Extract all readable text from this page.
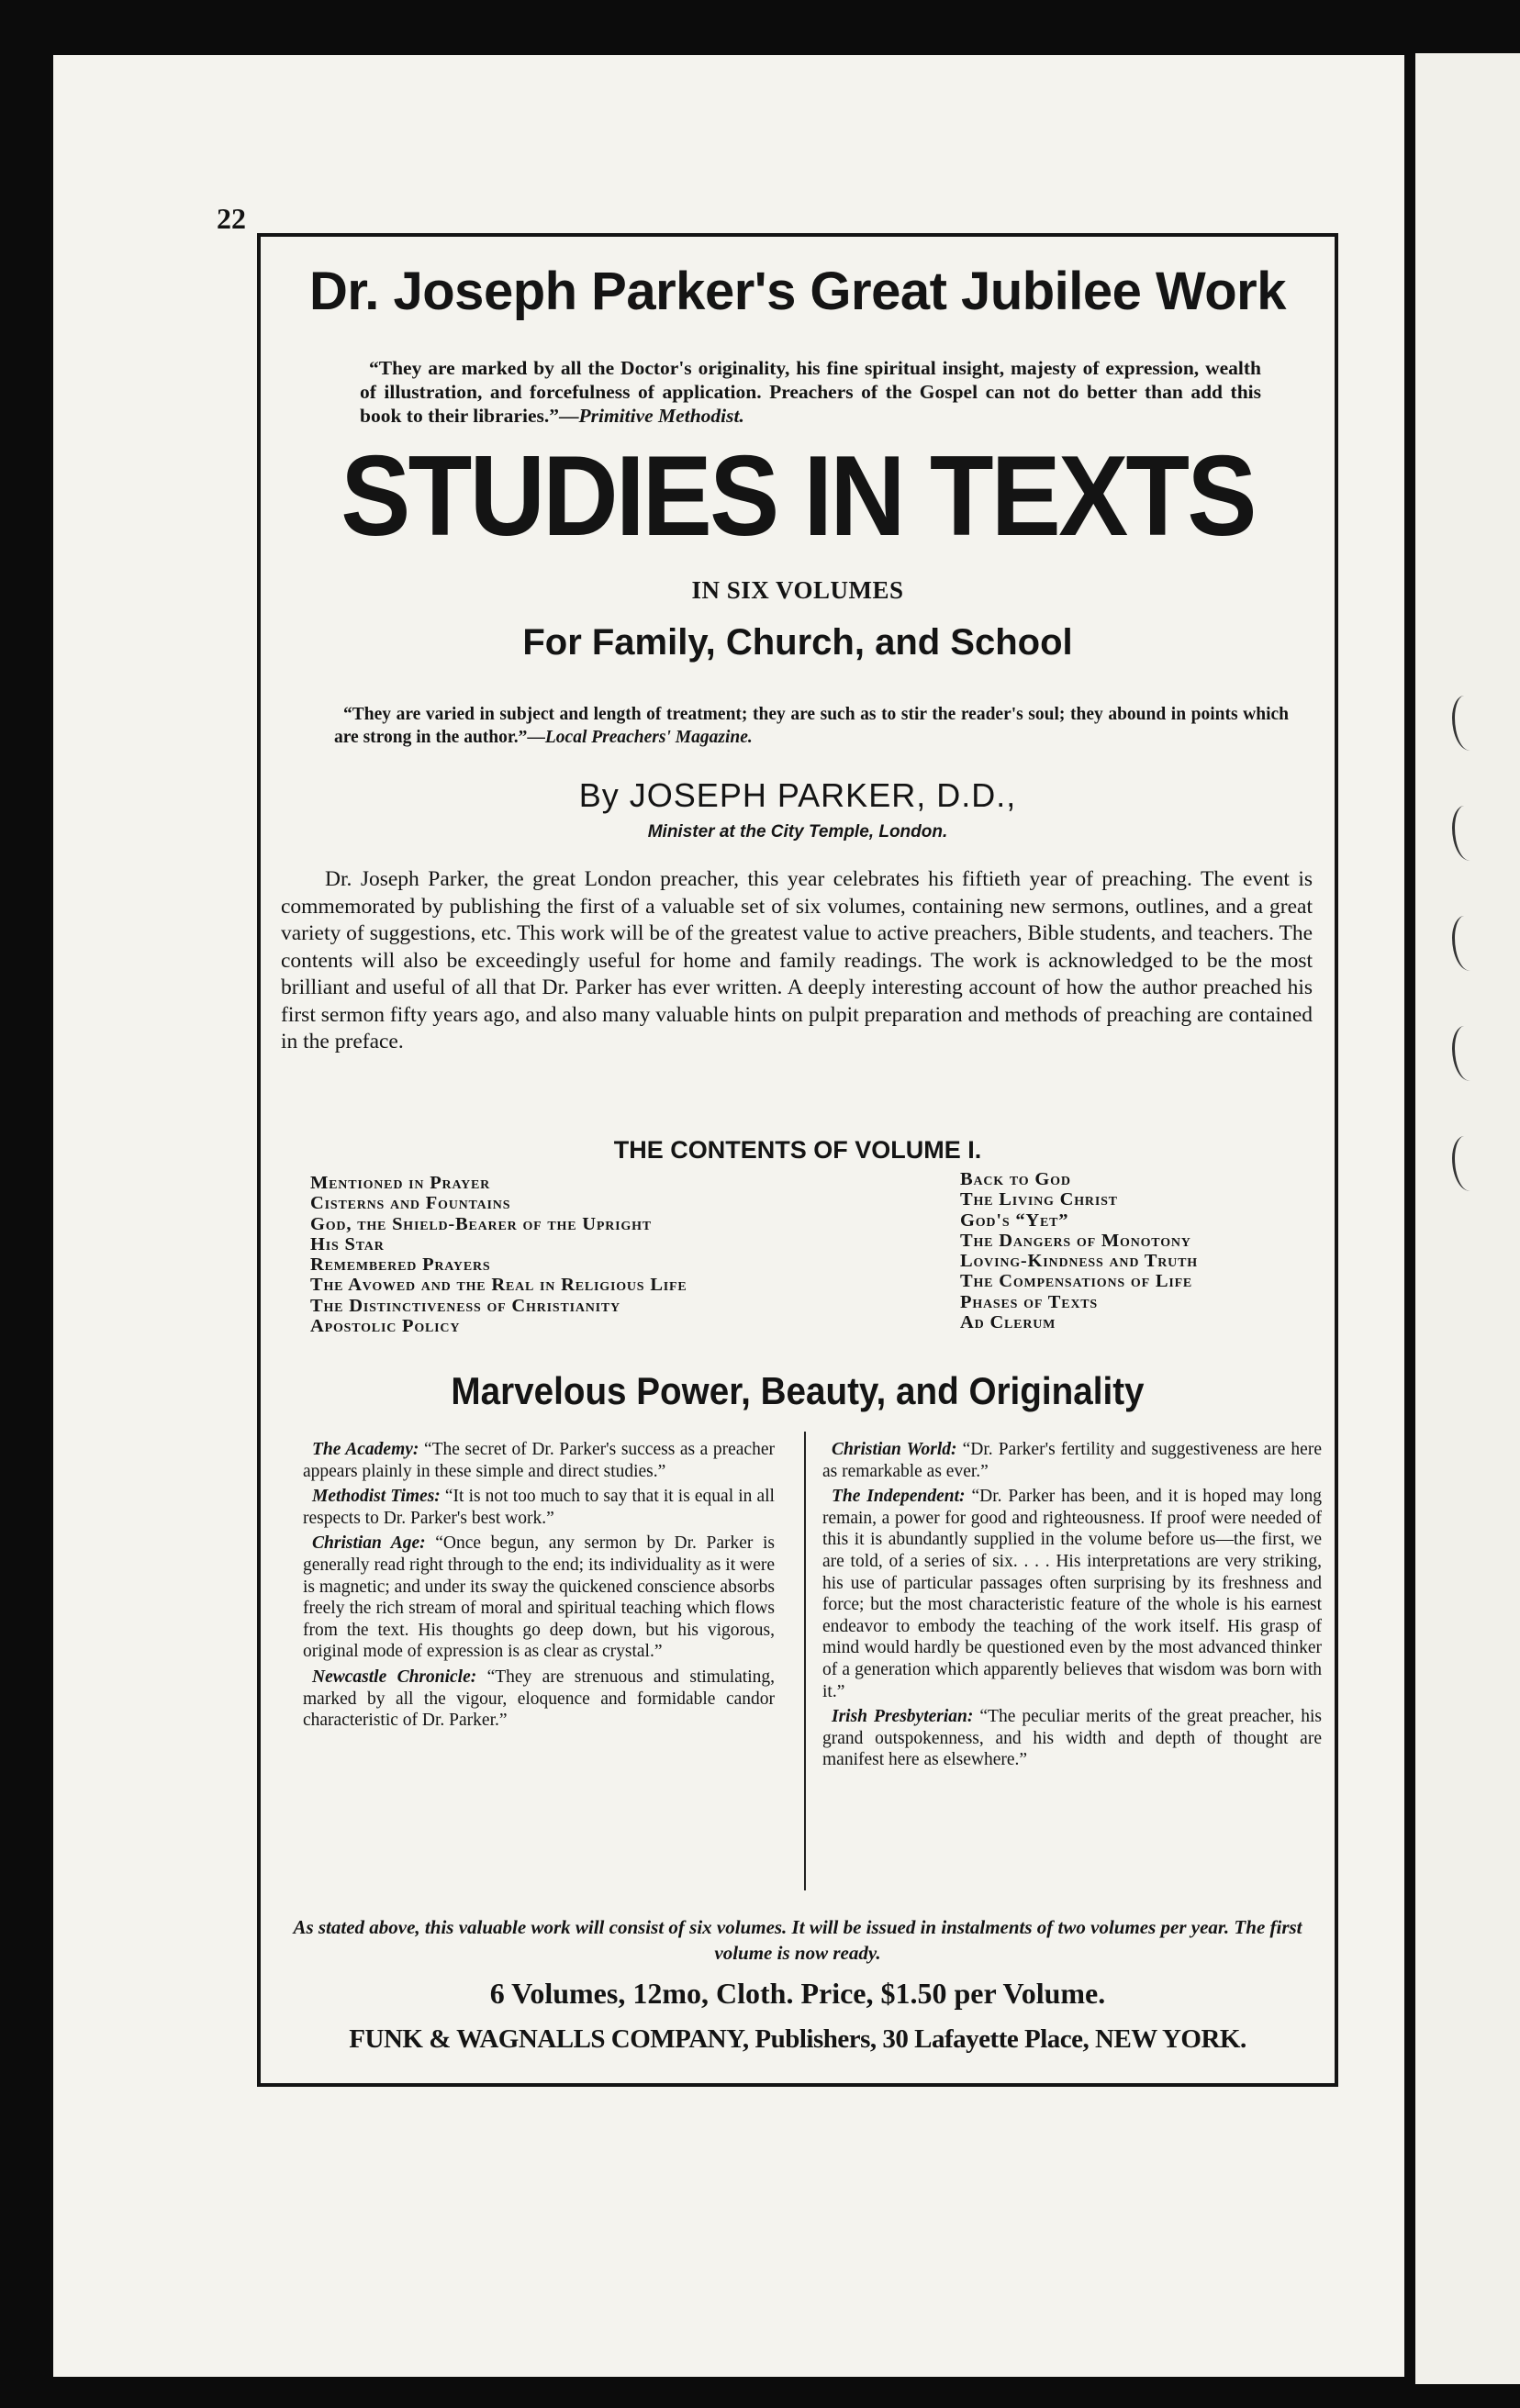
22
Dr. Joseph Parker's Great Jubilee Work

“They are marked by all the Doctor's originality, his fine spiritual insight, majesty of expression, wealth of illustration, and forcefulness of application. Preachers of the Gospel can not do better than add this book to their libraries.”—Primitive Methodist.

STUDIES IN TEXTS
IN SIX VOLUMES
For Family, Church, and School

“They are varied in subject and length of treatment; they are such as to stir the reader's soul; they abound in points which are strong in the author.”—Local Preachers' Magazine.

By JOSEPH PARKER, D.D.,
Minister at the City Temple, London.

Dr. Joseph Parker, the great London preacher, this year celebrates his fiftieth year of preaching. The event is commemorated by publishing the first of a valuable set of six volumes, containing new sermons, outlines, and a great variety of suggestions, etc. This work will be of the greatest value to active preachers, Bible students, and teachers. The contents will also be exceedingly useful for home and family readings. The work is acknowledged to be the most brilliant and useful of all that Dr. Parker has ever written. A deeply interesting account of how the author preached his first sermon fifty years ago, and also many valuable hints on pulpit preparation and methods of preaching are contained in the preface.

THE CONTENTS OF VOLUME I.
Mentioned in Prayer
Cisterns and Fountains
God, the Shield-Bearer of the Upright
His Star
Remembered Prayers
The Avowed and the Real in Religious Life
The Distinctiveness of Christianity
Apostolic Policy
Back to God
The Living Christ
God's “Yet”
The Dangers of Monotony
Loving-Kindness and Truth
The Compensations of Life
Phases of Texts
Ad Clerum
Marvelous Power, Beauty, and Originality

The Academy: “The secret of Dr. Parker's success as a preacher appears plainly in these simple and direct studies.”

Methodist Times: “It is not too much to say that it is equal in all respects to Dr. Parker's best work.”

Christian Age: “Once begun, any sermon by Dr. Parker is generally read right through to the end; its individuality as it were is magnetic; and under its sway the quickened conscience absorbs freely the rich stream of moral and spiritual teaching which flows from the text. His thoughts go deep down, but his vigorous, original mode of expression is as clear as crystal.”

Newcastle Chronicle: “They are strenuous and stimulating, marked by all the vigour, eloquence and formidable candor characteristic of Dr. Parker.”

Christian World: “Dr. Parker's fertility and suggestiveness are here as remarkable as ever.”

The Independent: “Dr. Parker has been, and it is hoped may long remain, a power for good and righteousness. If proof were needed of this it is abundantly supplied in the volume before us—the first, we are told, of a series of six. . . . His interpretations are very striking, his use of particular passages often surprising by its freshness and force; but the most characteristic feature of the whole is his earnest endeavor to embody the teaching of the work itself. His grasp of mind would hardly be questioned even by the most advanced thinker of a generation which apparently believes that wisdom was born with it.”

Irish Presbyterian: “The peculiar merits of the great preacher, his grand outspokenness, and his width and depth of thought are manifest here as elsewhere.”

As stated above, this valuable work will consist of six volumes. It will be issued in instalments of two volumes per year. The first volume is now ready.

6 Volumes, 12mo, Cloth. Price, $1.50 per Volume.
FUNK & WAGNALLS COMPANY, Publishers, 30 Lafayette Place, NEW YORK.
